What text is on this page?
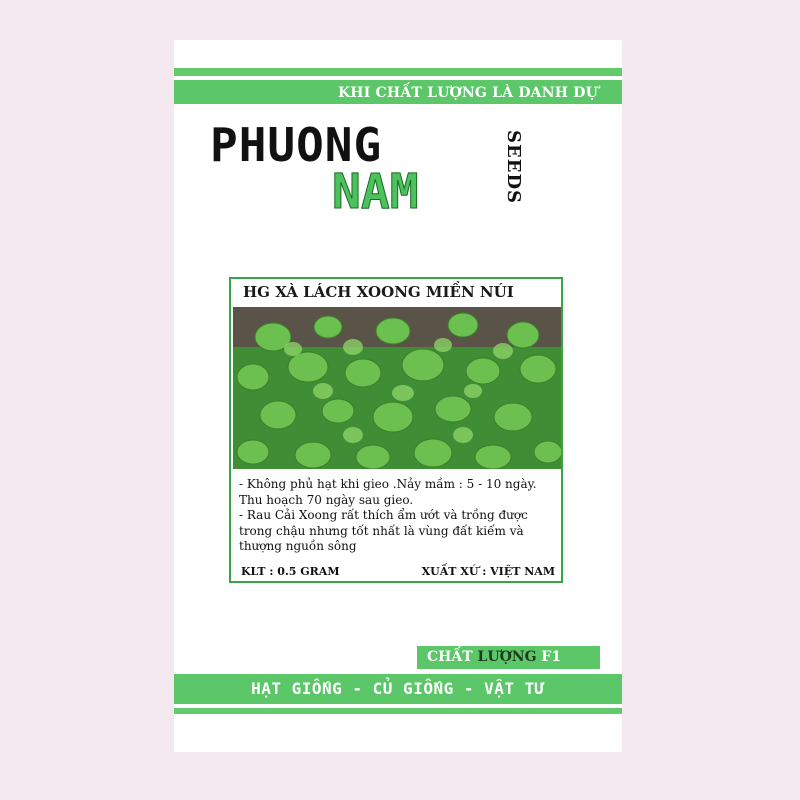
KHI CHẤT LƯỢNG LÀ DANH DỰ
PHUONG
NAM	SEEDS
HG XÀ LÁCH XOONG MIỀN NÚI

- Không phủ hạt khi gieo .Nảy mầm : 5 - 10 ngày. Thu hoạch 70 ngày sau gieo.

- Rau Cải Xoong rất thích ẩm ướt và trồng được trong chậu nhưng tốt nhất là vùng đất kiếm và thượng nguồn sông

KLT : 0.5 GRAM	XUẤT XỨ : VIỆT NAM
CHẤT LƯỢNG F1
HẠT GIỐNG - CỦ GIỐNG - VẬT TƯ
